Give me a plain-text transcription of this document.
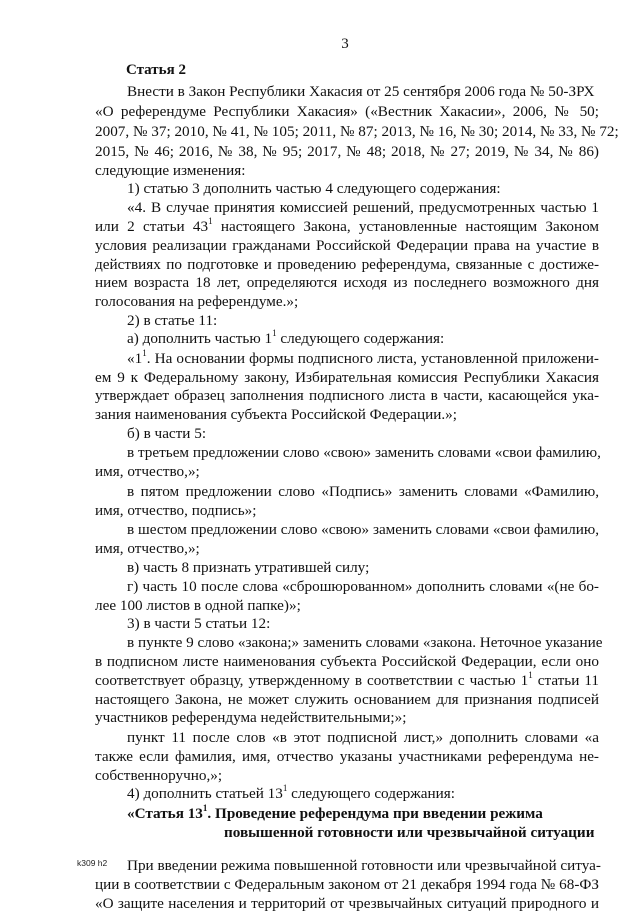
3
Статья 2
Внести в Закон Республики Хакасия от 25 сентября 2006 года № 50-ЗРХ
«О референдуме Республики Хакасия» («Вестник Хакасии», 2006, № 50;
2007, № 37; 2010, № 41, № 105; 2011, № 87; 2013, № 16, № 30; 2014, № 33, № 72;
2015, № 46; 2016, № 38, № 95; 2017, № 48; 2018, № 27; 2019, № 34, № 86)
следующие изменения:
1) статью 3 дополнить частью 4 следующего содержания:
«4. В случае принятия комиссией решений, предусмотренных частью 1
или 2 статьи $43^1$ настоящего Закона, установленные настоящим Законом
условия реализации гражданами Российской Федерации права на участие в
действиях по подготовке и проведению референдума, связанные с достиже-
нием возраста 18 лет, определяются исходя из последнего возможного дня
голосования на референдуме.»;
2) в статье 11:
а) дополнить частью $1^1$ следующего содержания:
«$1^1$. На основании формы подписного листа, установленной приложени-
ем 9 к Федеральному закону, Избирательная комиссия Республики Хакасия
утверждает образец заполнения подписного листа в части, касающейся ука-
зания наименования субъекта Российской Федерации.»;
б) в части 5:
в третьем предложении слово «свою» заменить словами «свои фамилию,
имя, отчество,»;
в пятом предложении слово «Подпись» заменить словами «Фамилию,
имя, отчество, подпись»;
в шестом предложении слово «свою» заменить словами «свои фамилию,
имя, отчество,»;
в) часть 8 признать утратившей силу;
г) часть 10 после слова «сброшюрованном» дополнить словами «(не бо-
лее 100 листов в одной папке)»;
3) в части 5 статьи 12:
в пункте 9 слово «закона;» заменить словами «закона. Неточное указание
в подписном листе наименования субъекта Российской Федерации, если оно
соответствует образцу, утвержденному в соответствии с частью $1^1$ статьи 11
настоящего Закона, не может служить основанием для признания подписей
участников референдума недействительными;»;
пункт 11 после слов «в этот подписной лист,» дополнить словами «а
также если фамилия, имя, отчество указаны участниками референдума не-
собственноручно,»;
4) дополнить статьей $13^1$ следующего содержания:
«Статья $13^1$. Проведение референдума при введении режима
повышенной готовности или чрезвычайной ситуации
При введении режима повышенной готовности или чрезвычайной ситуа-
ции в соответствии с Федеральным законом от 21 декабря 1994 года № 68-ФЗ
«О защите населения и территорий от чрезвычайных ситуаций природного и
k309 h2
